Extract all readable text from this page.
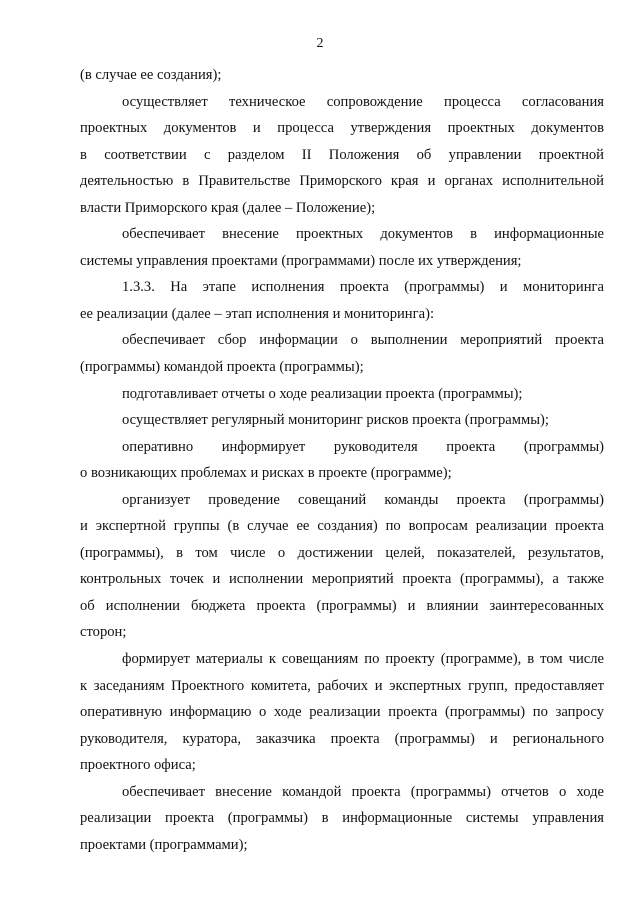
2
(в случае ее создания);
осуществляет техническое сопровождение процесса согласования
проектных документов и процесса утверждения проектных документов
в соответствии с разделом II Положения об управлении проектной
деятельностью в Правительстве Приморского края и органах исполнительной
власти Приморского края (далее – Положение);
обеспечивает внесение проектных документов в информационные
системы управления проектами (программами) после их утверждения;
1.3.3. На этапе исполнения проекта (программы) и мониторинга
ее реализации (далее – этап исполнения и мониторинга):
обеспечивает сбор информации о выполнении мероприятий проекта
(программы) командой проекта (программы);
подготавливает отчеты о ходе реализации проекта (программы);
осуществляет регулярный мониторинг рисков проекта (программы);
оперативно информирует руководителя проекта (программы)
о возникающих проблемах и рисках в проекте (программе);
организует проведение совещаний команды проекта (программы)
и экспертной группы (в случае ее создания) по вопросам реализации проекта
(программы), в том числе о достижении целей, показателей, результатов,
контрольных точек и исполнении мероприятий проекта (программы), а также
об исполнении бюджета проекта (программы) и влиянии заинтересованных
сторон;
формирует материалы к совещаниям по проекту (программе), в том числе
к заседаниям Проектного комитета, рабочих и экспертных групп, предоставляет
оперативную информацию о ходе реализации проекта (программы) по запросу
руководителя, куратора, заказчика проекта (программы) и регионального
проектного офиса;
обеспечивает внесение командой проекта (программы) отчетов о ходе
реализации проекта (программы) в информационные системы управления
проектами (программами);
